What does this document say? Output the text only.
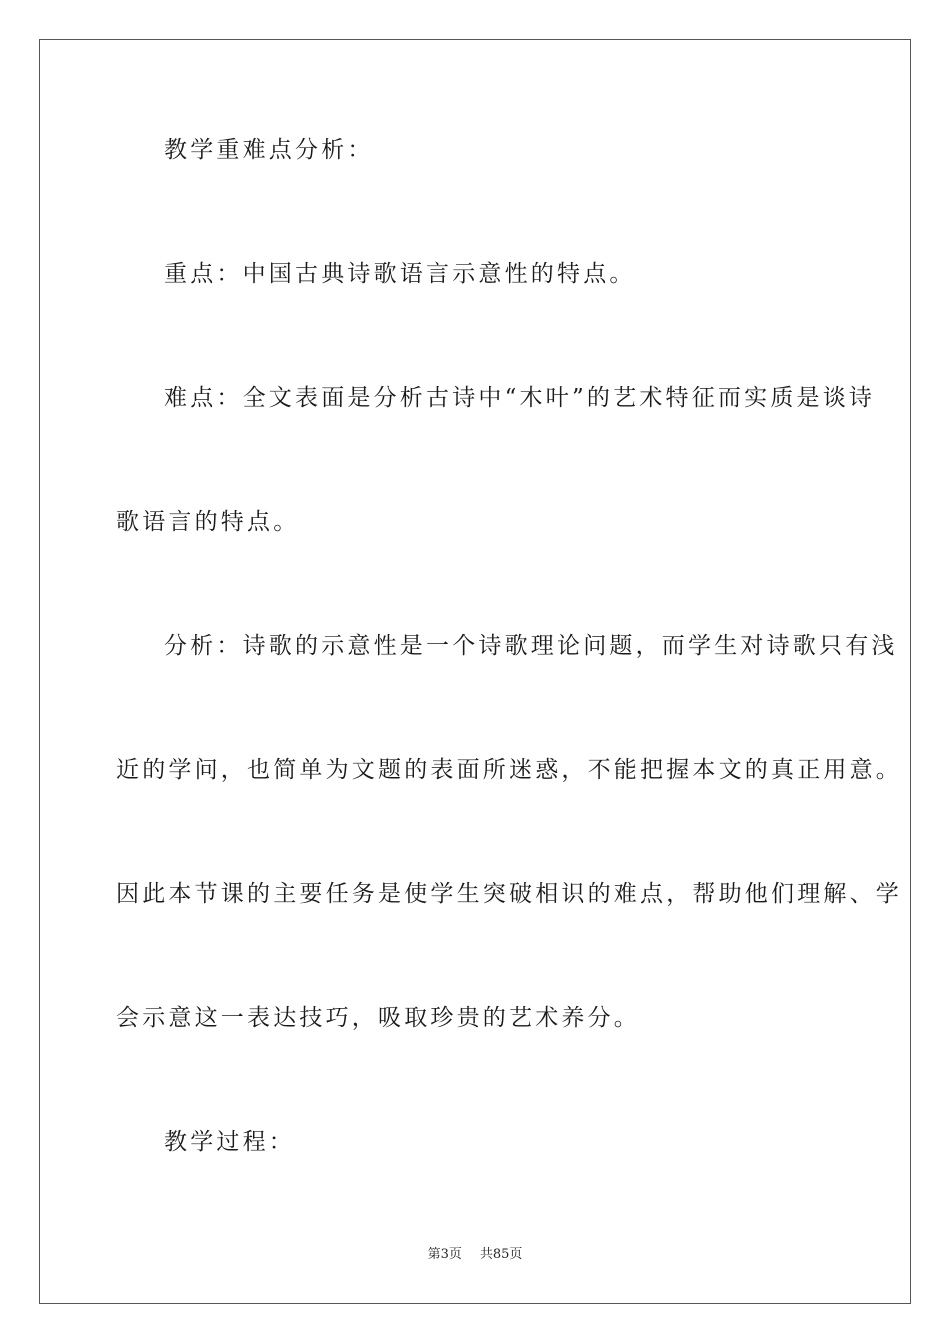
教学重难点分析：
重点：中国古典诗歌语言示意性的特点。
难点：全文表面是分析古诗中“木叶”的艺术特征而实质是谈诗
歌语言的特点。
分析：诗歌的示意性是一个诗歌理论问题，而学生对诗歌只有浅
近的学问，也简单为文题的表面所迷惑，不能把握本文的真正用意。
因此本节课的主要任务是使学生突破相识的难点，帮助他们理解、学
会示意这一表达技巧，吸取珍贵的艺术养分。
教学过程：
第3页 共85页
